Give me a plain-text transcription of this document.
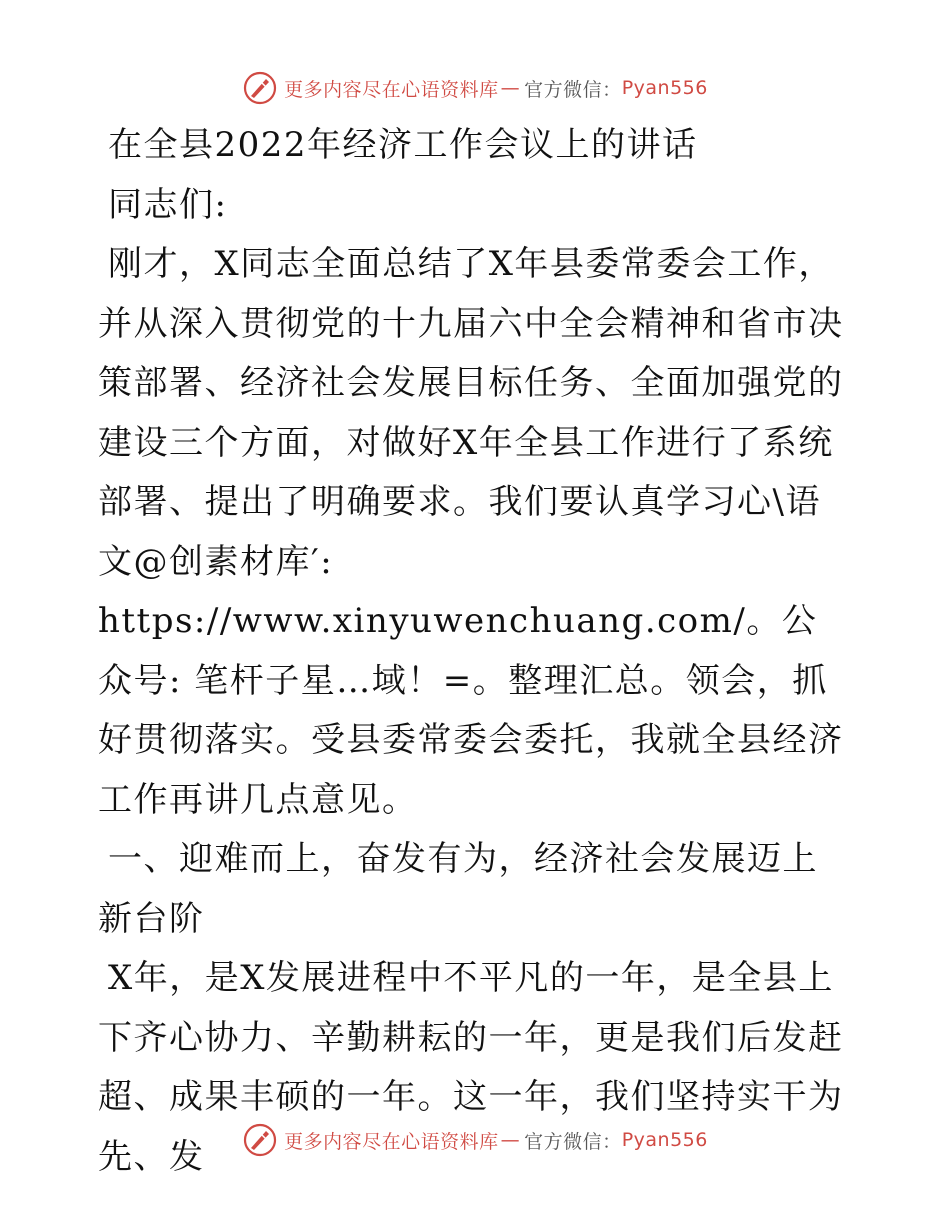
更多内容尽在心语资料库 — 官方微信： Pyan556

在全县2022年经济工作会议上的讲话

同志们:

刚才，X同志全面总结了X年县委常委会工作，并从深入贯彻党的十九届六中全会精神和省市决策部署、经济社会发展目标任务、全面加强党的建设三个方面，对做好X年全县工作进行了系统部署、提出了明确要求。我们要认真学习心\语文@创素材库′: https://www.xinyuwenchuang.com/。公众号: 笔杆子星…域！=。整理汇总。领会，抓好贯彻落实。受县委常委会委托，我就全县经济工作再讲几点意见。

一、迎难而上，奋发有为，经济社会发展迈上新台阶

X年，是X发展进程中不平凡的一年，是全县上下齐心协力、辛勤耕耘的一年，更是我们后发赶超、成果丰硕的一年。这一年，我们坚持实干为先、发	更多内容尽在心语资料库 — 官方微信： Pyan556
